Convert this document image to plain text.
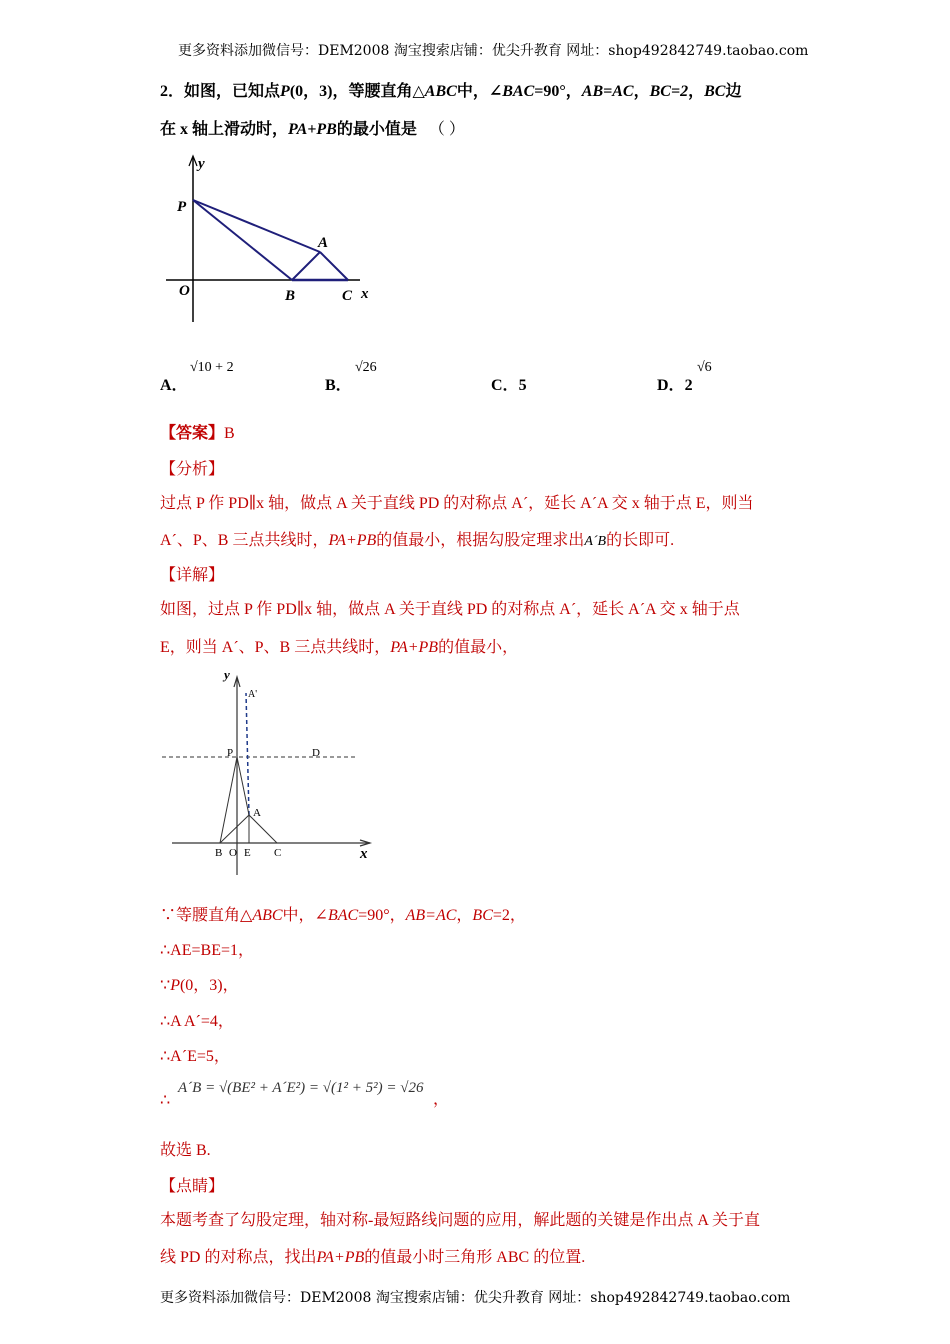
更多资料添加微信号：DEM2008 淘宝搜索店铺：优尖升教育 网址：shop492842749.taobao.com
2．如图，已知点P(0，3)，等腰直角△ABC中，∠BAC=90°，AB=AC，BC=2，BC边
在 x 轴上滑动时，PA+PB的最小值是 （ ）
y
P
A
O	B	C x
A．
√10 + 2
B．
√26
C．5	D．2
√6
【答案】B
【分析】
过点 P 作 PD∥x 轴，做点 A 关于直线 PD 的对称点 A´，延长 A´A 交 x 轴于点 E，则当
A´、P、B 三点共线时，PA+PB的值最小，根据勾股定理求出A´B的长即可.
【详解】
如图，过点 P 作 PD∥x 轴，做点 A 关于直线 PD 的对称点 A´，延长 A´A 交 x 轴于点
E，则当 A´、P、B 三点共线时，PA+PB的值最小，
y
A'
P	D
A
B O E C	x
∵等腰直角△ABC中，∠BAC=90°，AB=AC，BC=2，
∴AE=BE=1，
∵P(0，3)，
∴A A´=4，
∴A´E=5，
∴
A´B = √(BE² + A´E²) = √(1² + 5²) = √26
，
故选 B.
【点睛】
本题考查了勾股定理，轴对称-最短路线问题的应用，解此题的关键是作出点 A 关于直
线 PD 的对称点，找出PA+PB的值最小时三角形 ABC 的位置.
更多资料添加微信号：DEM2008 淘宝搜索店铺：优尖升教育 网址：shop492842749.taobao.com
